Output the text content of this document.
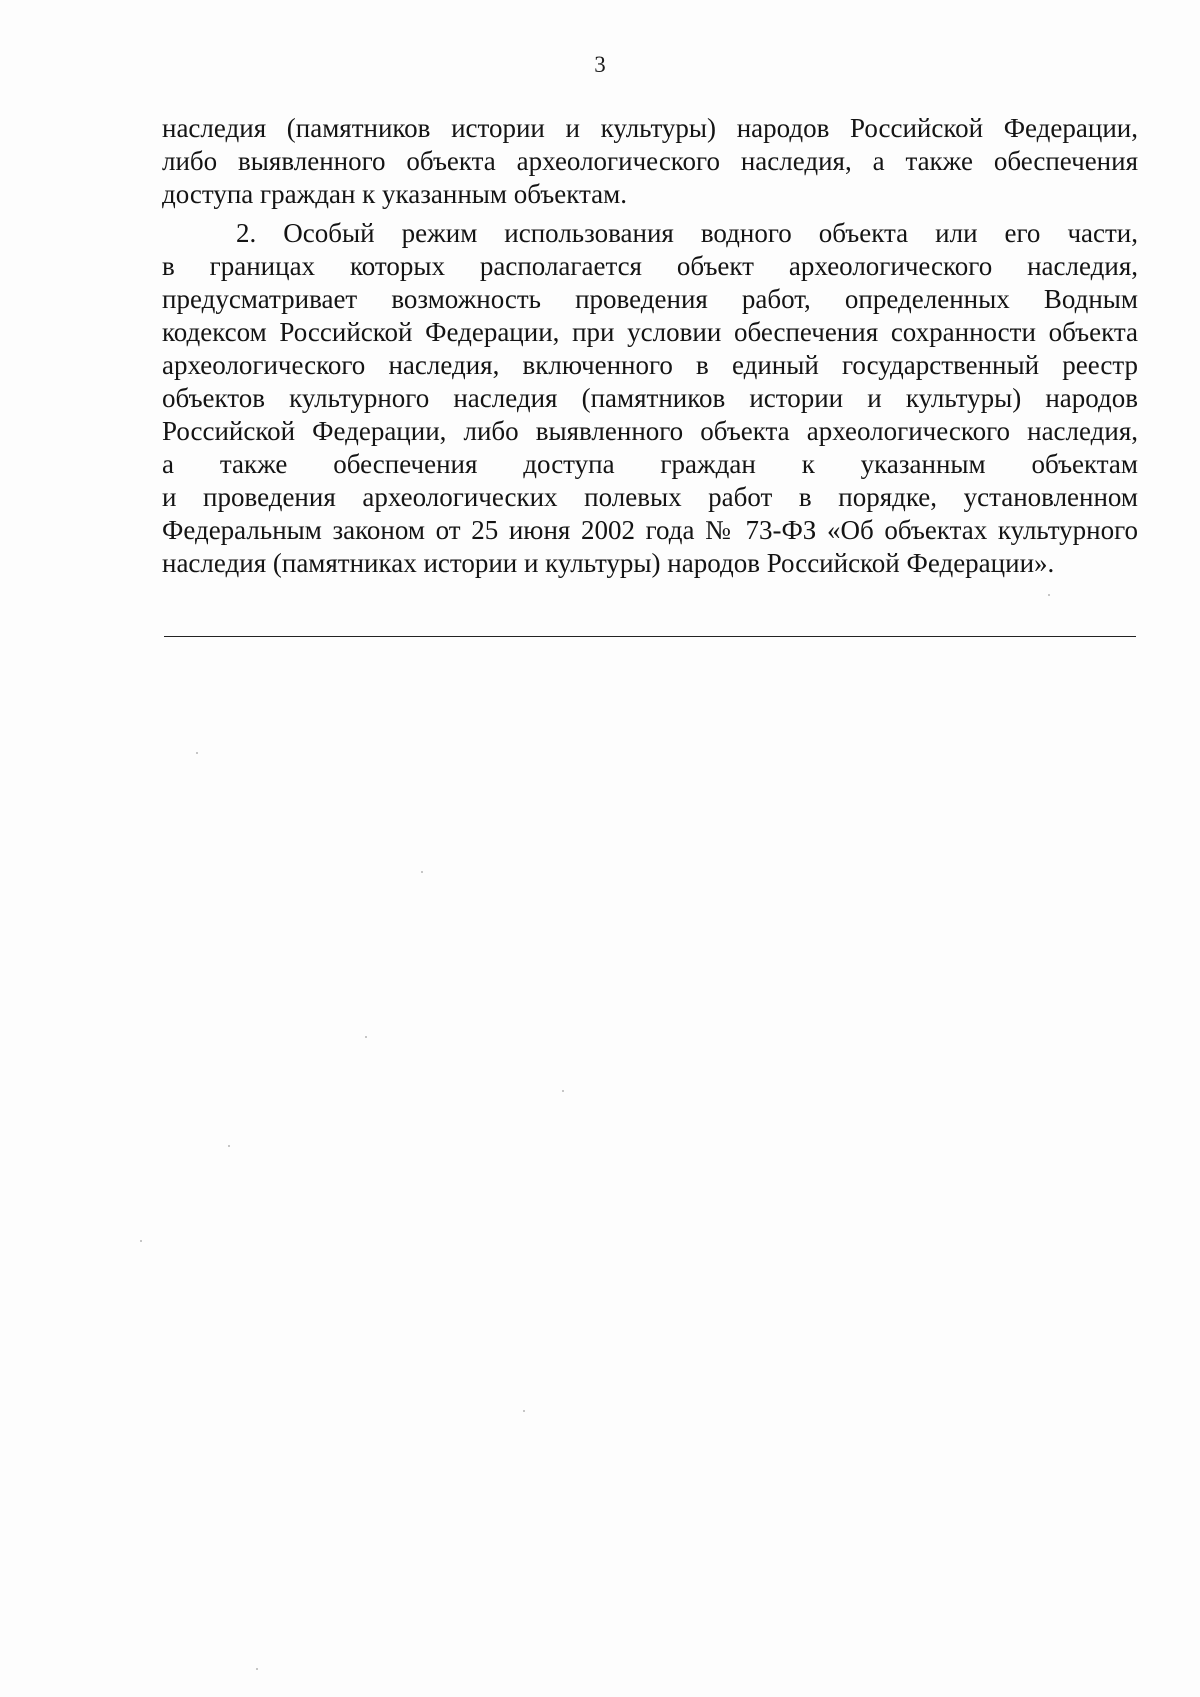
3
наследия (памятников истории и культуры) народов Российской Федерации,
либо выявленного объекта археологического наследия, а также обеспечения
доступа граждан к указанным объектам.
2. Особый режим использования водного объекта или его части,
в границах которых располагается объект археологического наследия,
предусматривает возможность проведения работ, определенных Водным
кодексом Российской Федерации, при условии обеспечения сохранности объекта
археологического наследия, включенного в единый государственный реестр
объектов культурного наследия (памятников истории и культуры) народов
Российской Федерации, либо выявленного объекта археологического наследия,
а также обеспечения доступа граждан к указанным объектам
и проведения археологических полевых работ в порядке, установленном
Федеральным законом от 25 июня 2002 года № 73-ФЗ «Об объектах культурного
наследия (памятниках истории и культуры) народов Российской Федерации».
